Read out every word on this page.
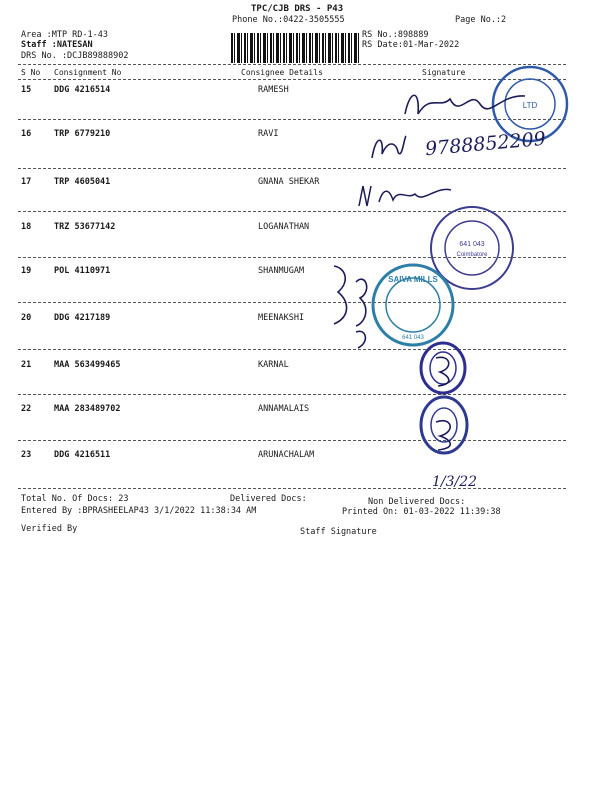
TPC/CJB DRS - P43
Phone No.:0422-3505555	Page No.:2
Area :MTP RD-1-43
Staff :NATESAN
DRS No. :DCJB89888902
RS No.:898889
RS Date:01-Mar-2022
S No Consignment No	Consignee Details	Signature
15	DDG 4216514	RAMESH
16	TRP 6779210	RAVI
17	TRP 4605041	GNANA SHEKAR
18	TRZ 53677142	LOGANATHAN
19	POL 4110971	SHANMUGAM
20	DDG 4217189	MEENAKSHI
21	MAA 563499465	KARNAL
22	MAA 283489702	ANNAMALAIS
23	DDG 4216511	ARUNACHALAM
Total No. Of Docs: 23	Delivered Docs:	Non Delivered Docs:
Entered By :BPRASHEELAP43 3/1/2022 11:38:34 AM	Printed On: 01-03-2022 11:39:38
Verified By	Staff Signature
LTD
641 043
Coimbatore
SAIVA MILLS
641 043
9788852209
1/3/22
